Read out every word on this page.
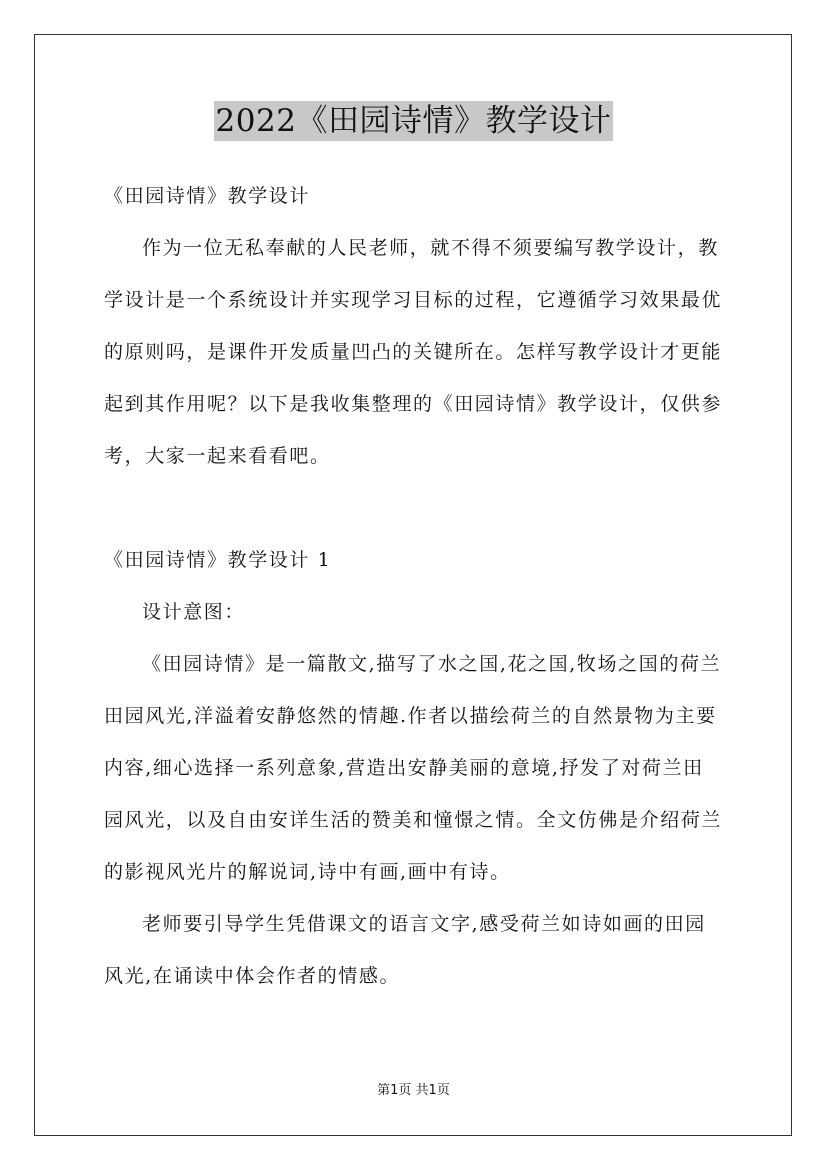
2022《田园诗情》教学设计
《田园诗情》教学设计
作为一位无私奉献的人民老师，就不得不须要编写教学设计，教
学设计是一个系统设计并实现学习目标的过程，它遵循学习效果最优
的原则吗，是课件开发质量凹凸的关键所在。怎样写教学设计才更能
起到其作用呢？以下是我收集整理的《田园诗情》教学设计，仅供参
考，大家一起来看看吧。
《田园诗情》教学设计 1
设计意图：
《田园诗情》是一篇散文,描写了水之国,花之国,牧场之国的荷兰
田园风光,洋溢着安静悠然的情趣.作者以描绘荷兰的自然景物为主要
内容,细心选择一系列意象,营造出安静美丽的意境,抒发了对荷兰田
园风光，以及自由安详生活的赞美和憧憬之情。全文仿佛是介绍荷兰
的影视风光片的解说词,诗中有画,画中有诗。
老师要引导学生凭借课文的语言文字,感受荷兰如诗如画的田园
风光,在诵读中体会作者的情感。
第1页 共1页
